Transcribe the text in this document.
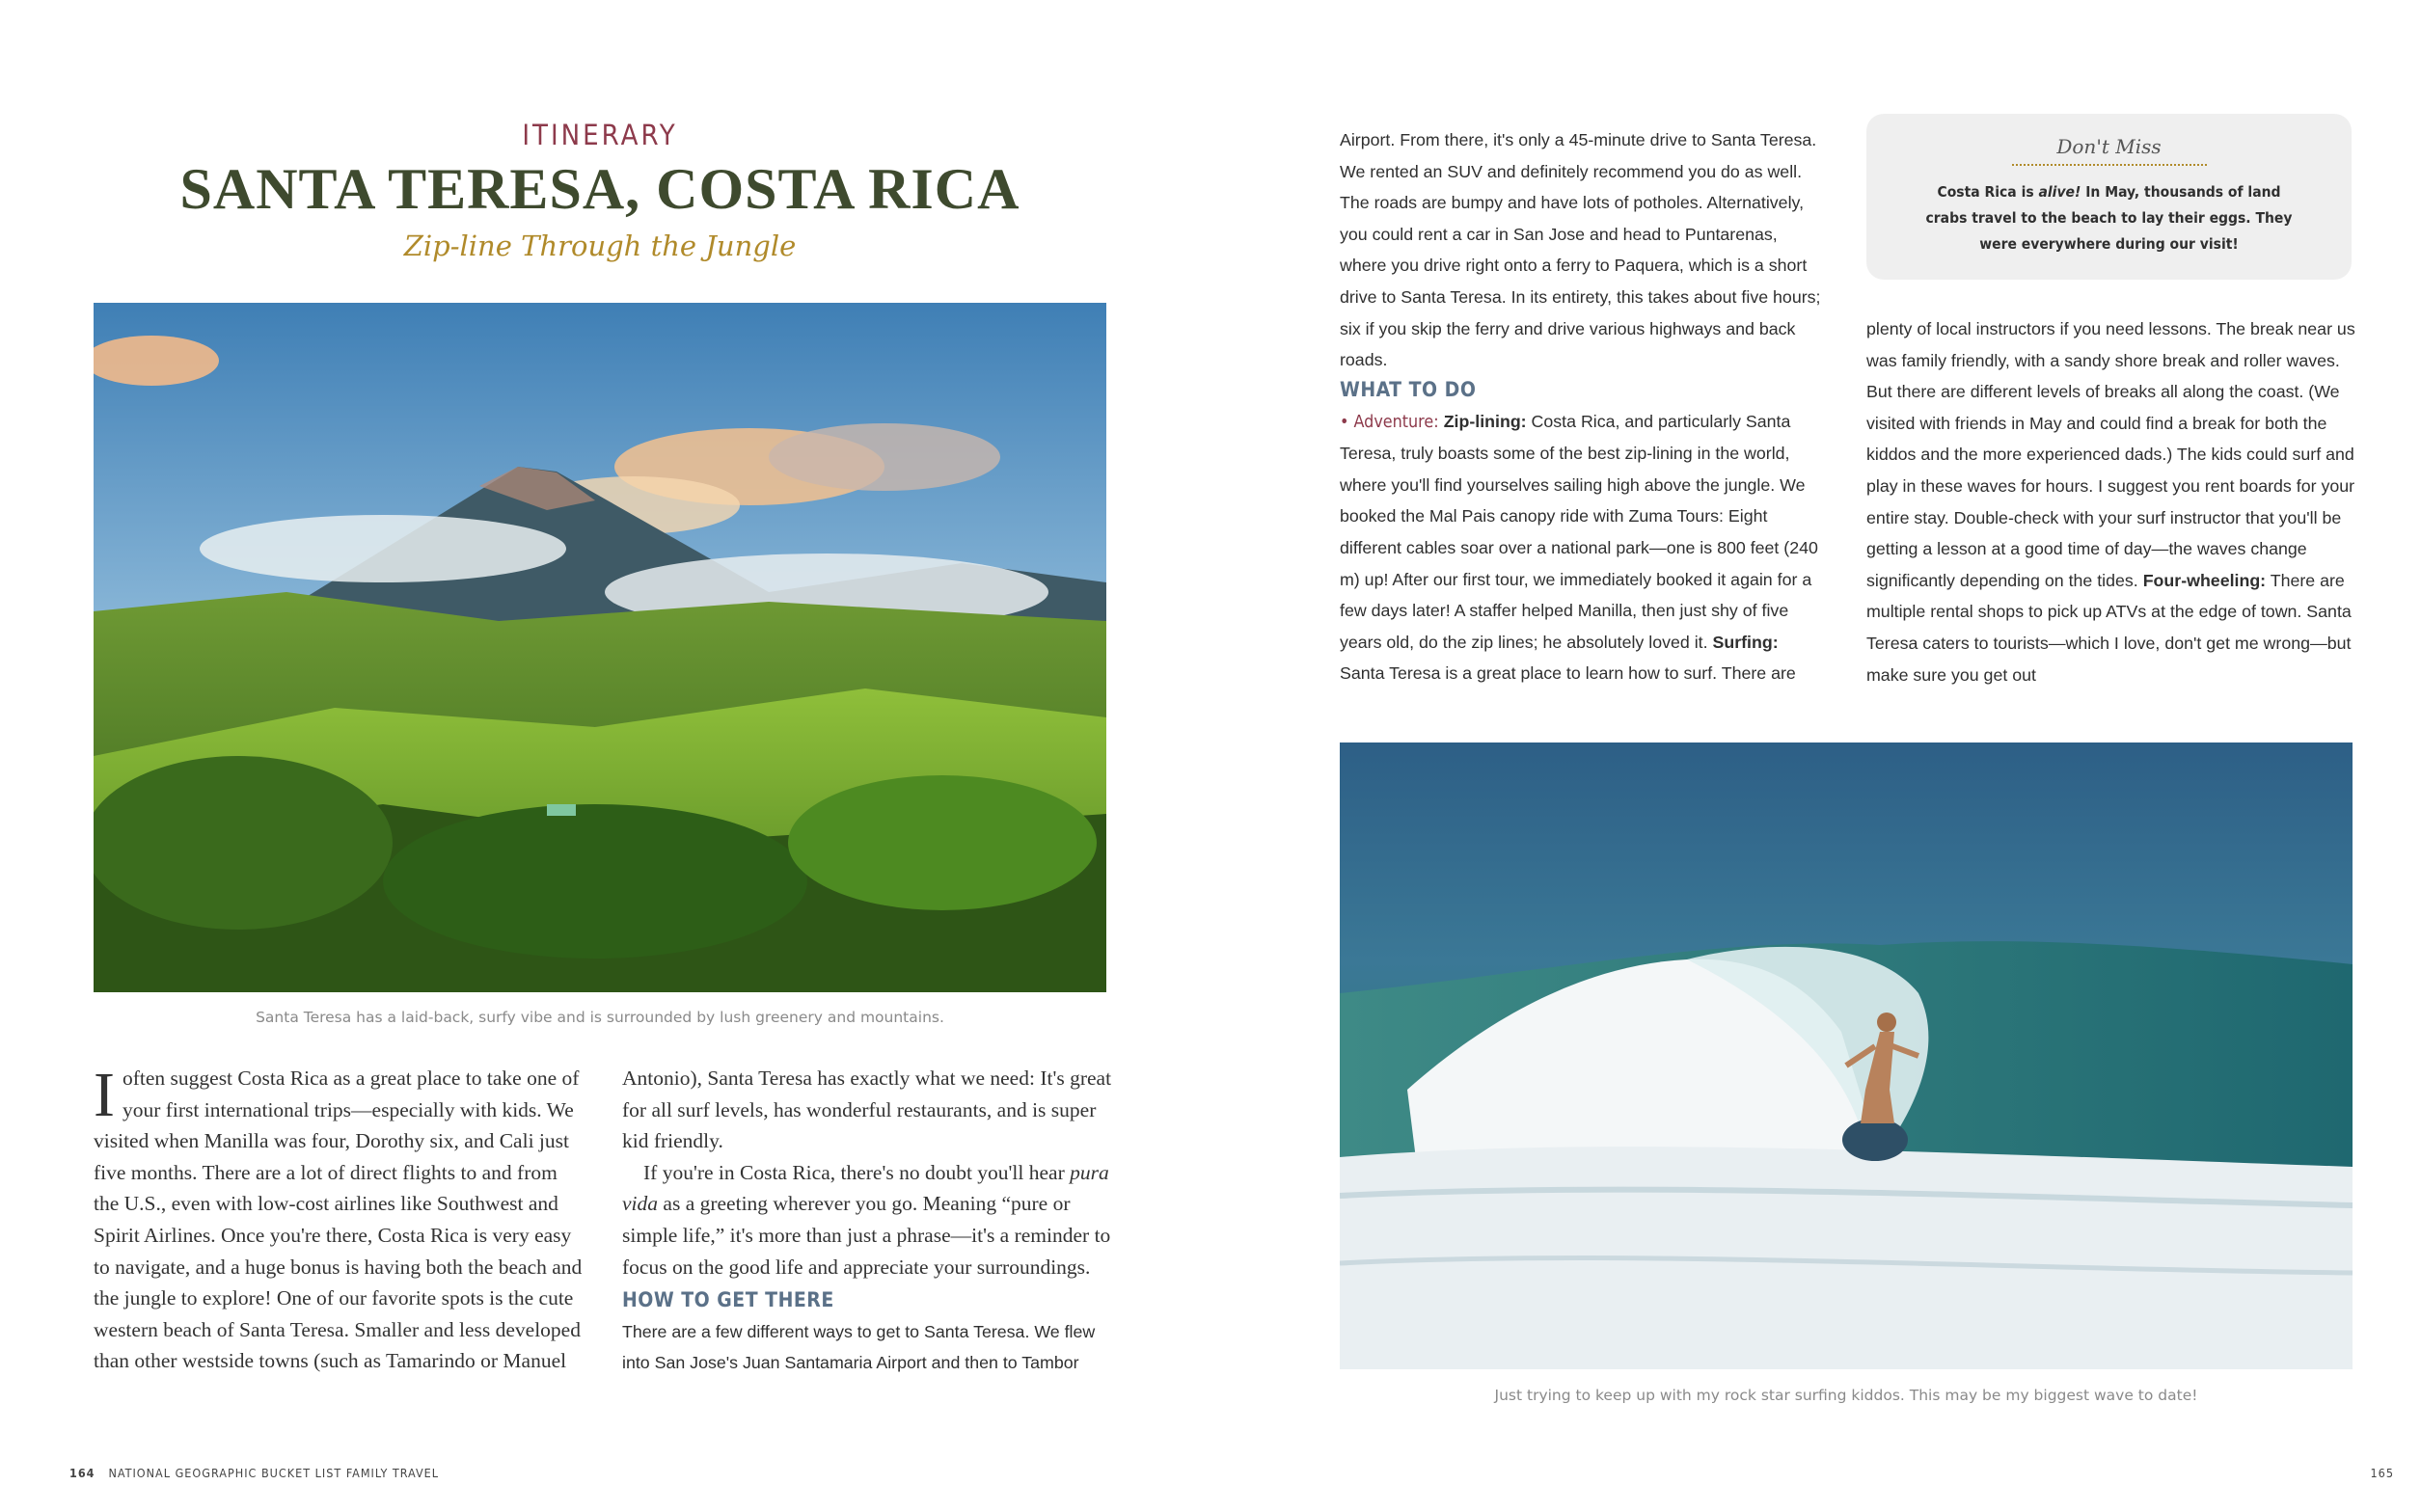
ITINERARY
SANTA TERESA, COSTA RICA
Zip-line Through the Jungle
Santa Teresa has a laid-back, surfy vibe and is surrounded by lush greenery and mountains.

Ioften suggest Costa Rica as a great place to take one of your first international trips—especially with kids. We visited when Manilla was four, Dorothy six, and Cali just five months. There are a lot of direct flights to and from the U.S., even with low-cost airlines like Southwest and Spirit Airlines. Once you're there, Costa Rica is very easy to navigate, and a huge bonus is having both the beach and the jungle to explore! One of our favorite spots is the cute western beach of Santa Teresa. Smaller and less developed than other westside towns (such as Tamarindo or Manuel

Antonio), Santa Teresa has exactly what we need: It's great for all surf levels, has wonderful restaurants, and is super kid friendly.

If you're in Costa Rica, there's no doubt you'll hear pura vida as a greeting wherever you go. Meaning “pure or simple life,” it's more than just a phrase—it's a reminder to focus on the good life and appreciate your surroundings.

HOW TO GET THERE

There are a few different ways to get to Santa Teresa. We flew into San Jose's Juan Santamaria Airport and then to Tambor

164 NATIONAL GEOGRAPHIC BUCKET LIST FAMILY TRAVEL

Airport. From there, it's only a 45-minute drive to Santa Teresa. We rented an SUV and definitely recommend you do as well. The roads are bumpy and have lots of potholes. Alternatively, you could rent a car in San Jose and head to Puntarenas, where you drive right onto a ferry to Paquera, which is a short drive to Santa Teresa. In its entirety, this takes about five hours; six if you skip the ferry and drive various highways and back roads.

WHAT TO DO

• Adventure: Zip-lining: Costa Rica, and particularly Santa Teresa, truly boasts some of the best zip-lining in the world, where you'll find yourselves sailing high above the jungle. We booked the Mal Pais canopy ride with Zuma Tours: Eight different cables soar over a national park—one is 800 feet (240 m) up! After our first tour, we immediately booked it again for a few days later! A staffer helped Manilla, then just shy of five years old, do the zip lines; he absolutely loved it. Surfing: Santa Teresa is a great place to learn how to surf. There are

Don't Miss
Costa Rica is alive! In May, thousands of land crabs travel to the beach to lay their eggs. They were everywhere during our visit!

plenty of local instructors if you need lessons. The break near us was family friendly, with a sandy shore break and roller waves. But there are different levels of breaks all along the coast. (We visited with friends in May and could find a break for both the kiddos and the more experienced dads.) The kids could surf and play in these waves for hours. I suggest you rent boards for your entire stay. Double-check with your surf instructor that you'll be getting a lesson at a good time of day—the waves change significantly depending on the tides. Four-wheeling: There are multiple rental shops to pick up ATVs at the edge of town. Santa Teresa caters to tourists—which I love, don't get me wrong—but make sure you get out

Just trying to keep up with my rock star surfing kiddos. This may be my biggest wave to date!
165
